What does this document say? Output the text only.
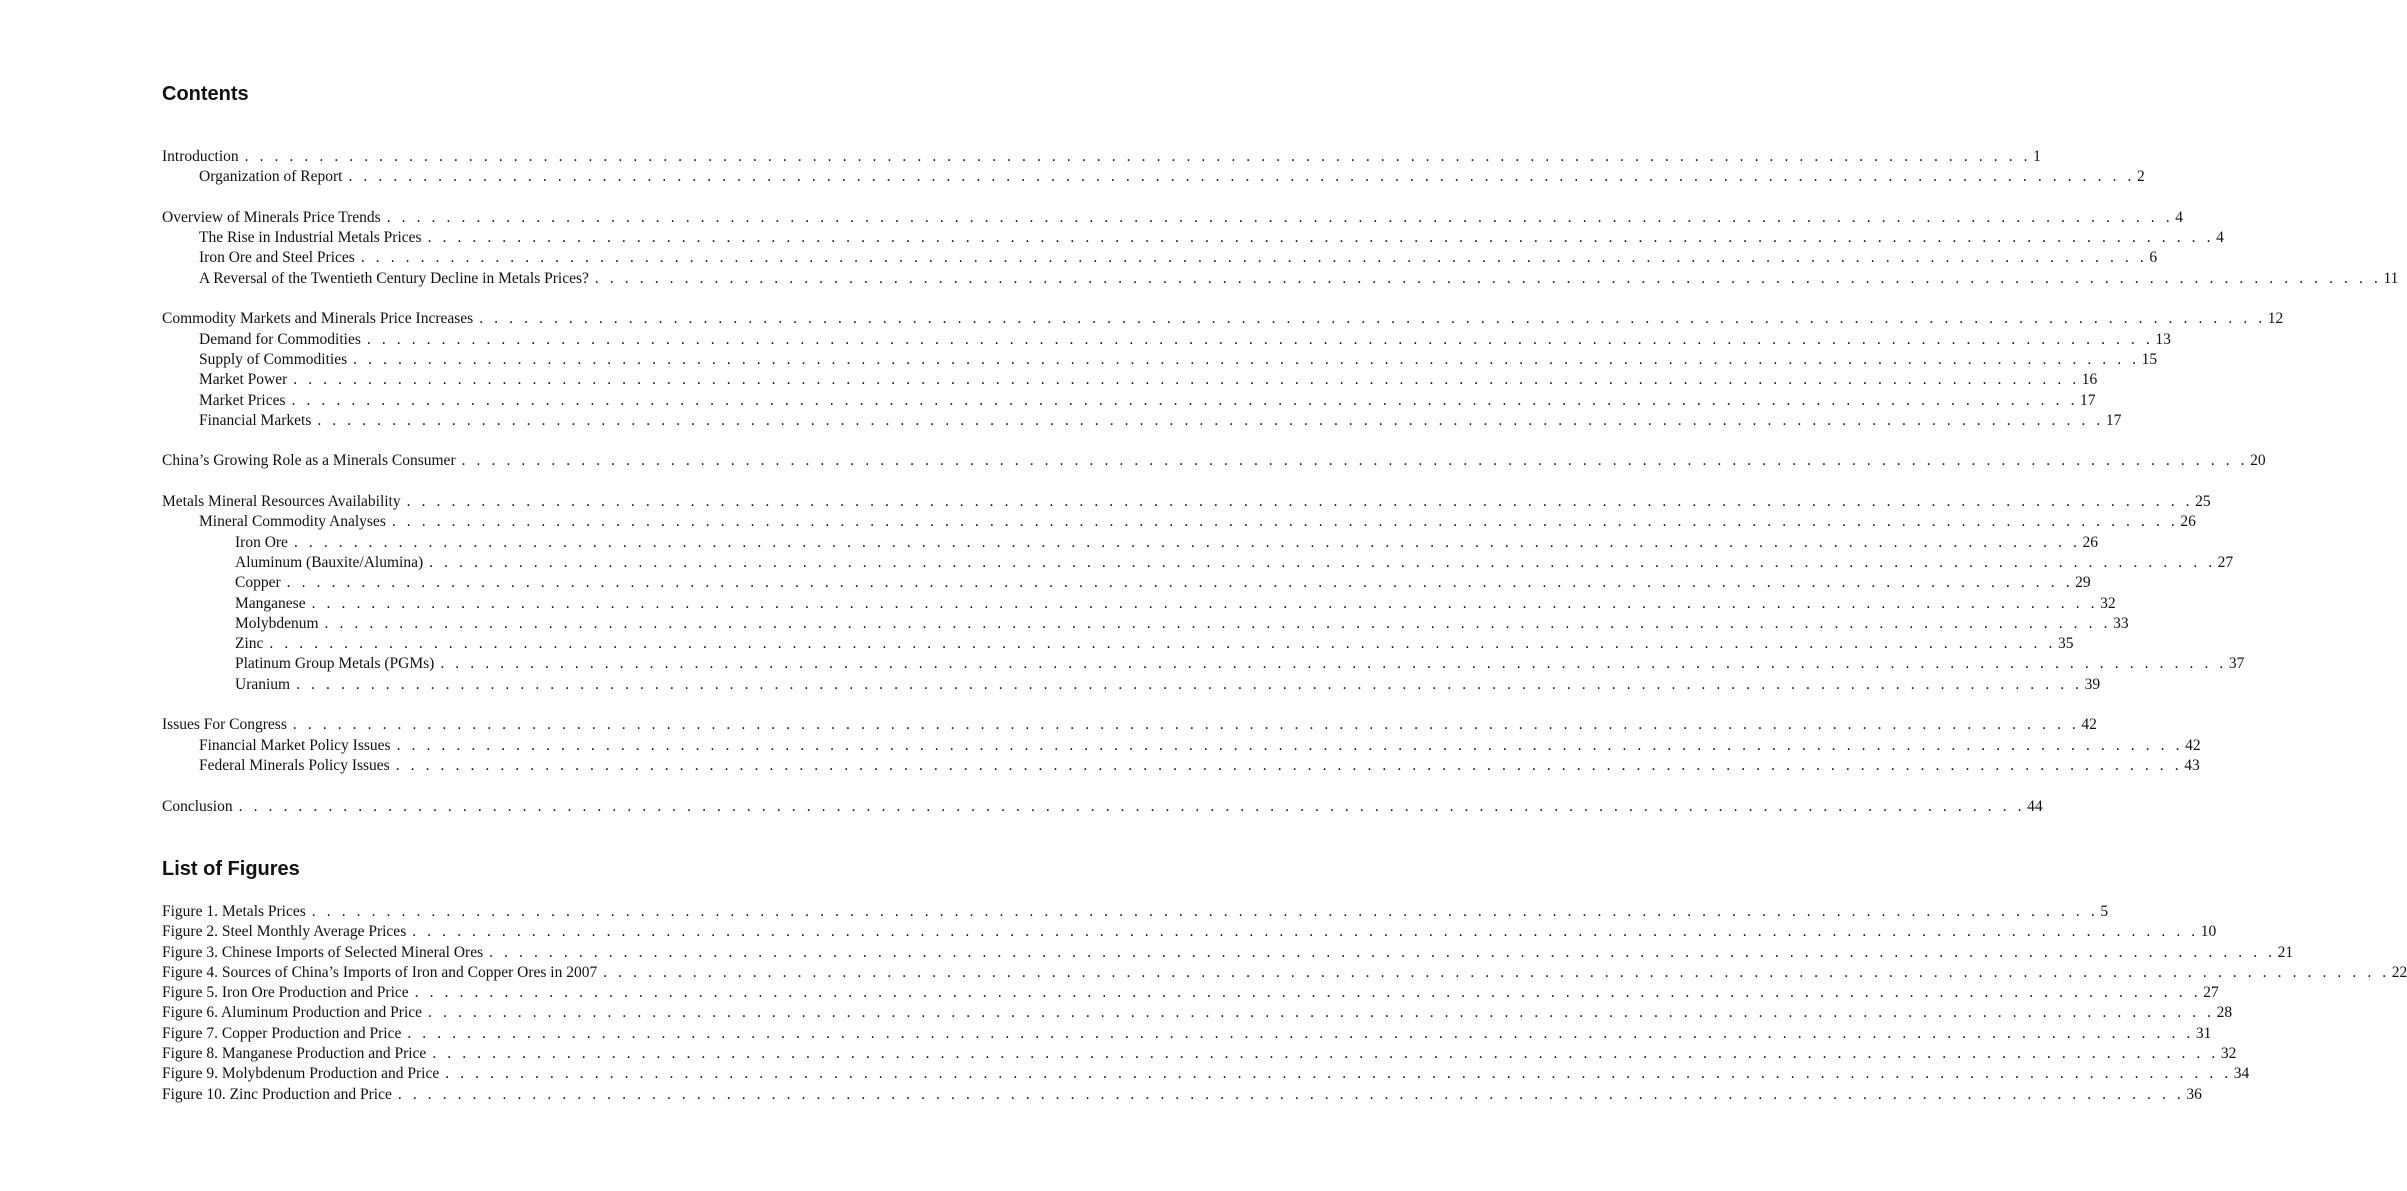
Contents
Introduction . . . . . . . . . . . . . . . . . . . . . . . . . . . . . . . . . . . . . . . . . . . . . . . . . . . . . . . . . . . . . . . . . . . . . . . . . . . . . . . . . . . . . . . . . . . . . . . . . . . . . . . . . . . . . . . . . . . . . . . . 1
Organization of Report . . . . . . . . . . . . . . . . . . . . . . . . . . . . . . . . . . . . . . . . . . . . . . . . . . . . . . . . . . . . . . . . . . . . . . . . . . . . . . . . . . . . . . . . . . . . . . . . . . . . . . . . . . . . . . . . . . . . . . . . 2
Overview of Minerals Price Trends . . . . . . . . . . . . . . . . . . . . . . . . . . . . . . . . . . . . . . . . . . . . . . . . . . . . . . . . . . . . . . . . . . . . . . . . . . . . . . . . . . . . . . . . . . . . . . . . . . . . . . . . . . . . . . . . . . . . . . . . 4
The Rise in Industrial Metals Prices . . . . . . . . . . . . . . . . . . . . . . . . . . . . . . . . . . . . . . . . . . . . . . . . . . . . . . . . . . . . . . . . . . . . . . . . . . . . . . . . . . . . . . . . . . . . . . . . . . . . . . . . . . . . . . . . . . . . . . . . 4
Iron Ore and Steel Prices . . . . . . . . . . . . . . . . . . . . . . . . . . . . . . . . . . . . . . . . . . . . . . . . . . . . . . . . . . . . . . . . . . . . . . . . . . . . . . . . . . . . . . . . . . . . . . . . . . . . . . . . . . . . . . . . . . . . . . . . 6
A Reversal of the Twentieth Century Decline in Metals Prices? . . . . . . . . . . . . . . . . . . . . . . . . . . . . . . . . . . . . . . . . . . . . . . . . . . . . . . . . . . . . . . . . . . . . . . . . . . . . . . . . . . . . . . . . . . . . . . . . . . . . . . . . . . . . . . . . . . . . . . . . 11
Commodity Markets and Minerals Price Increases . . . . . . . . . . . . . . . . . . . . . . . . . . . . . . . . . . . . . . . . . . . . . . . . . . . . . . . . . . . . . . . . . . . . . . . . . . . . . . . . . . . . . . . . . . . . . . . . . . . . . . . . . . . . . . . . . . . . . . . . 12
Demand for Commodities . . . . . . . . . . . . . . . . . . . . . . . . . . . . . . . . . . . . . . . . . . . . . . . . . . . . . . . . . . . . . . . . . . . . . . . . . . . . . . . . . . . . . . . . . . . . . . . . . . . . . . . . . . . . . . . . . . . . . . . . 13
Supply of Commodities . . . . . . . . . . . . . . . . . . . . . . . . . . . . . . . . . . . . . . . . . . . . . . . . . . . . . . . . . . . . . . . . . . . . . . . . . . . . . . . . . . . . . . . . . . . . . . . . . . . . . . . . . . . . . . . . . . . . . . . . 15
Market Power . . . . . . . . . . . . . . . . . . . . . . . . . . . . . . . . . . . . . . . . . . . . . . . . . . . . . . . . . . . . . . . . . . . . . . . . . . . . . . . . . . . . . . . . . . . . . . . . . . . . . . . . . . . . . . . . . . . . . . . . 16
Market Prices . . . . . . . . . . . . . . . . . . . . . . . . . . . . . . . . . . . . . . . . . . . . . . . . . . . . . . . . . . . . . . . . . . . . . . . . . . . . . . . . . . . . . . . . . . . . . . . . . . . . . . . . . . . . . . . . . . . . . . . . 17
Financial Markets . . . . . . . . . . . . . . . . . . . . . . . . . . . . . . . . . . . . . . . . . . . . . . . . . . . . . . . . . . . . . . . . . . . . . . . . . . . . . . . . . . . . . . . . . . . . . . . . . . . . . . . . . . . . . . . . . . . . . . . . 17
China’s Growing Role as a Minerals Consumer . . . . . . . . . . . . . . . . . . . . . . . . . . . . . . . . . . . . . . . . . . . . . . . . . . . . . . . . . . . . . . . . . . . . . . . . . . . . . . . . . . . . . . . . . . . . . . . . . . . . . . . . . . . . . . . . . . . . . . . . 20
Metals Mineral Resources Availability . . . . . . . . . . . . . . . . . . . . . . . . . . . . . . . . . . . . . . . . . . . . . . . . . . . . . . . . . . . . . . . . . . . . . . . . . . . . . . . . . . . . . . . . . . . . . . . . . . . . . . . . . . . . . . . . . . . . . . . . 25
Mineral Commodity Analyses . . . . . . . . . . . . . . . . . . . . . . . . . . . . . . . . . . . . . . . . . . . . . . . . . . . . . . . . . . . . . . . . . . . . . . . . . . . . . . . . . . . . . . . . . . . . . . . . . . . . . . . . . . . . . . . . . . . . . . . . 26
Iron Ore . . . . . . . . . . . . . . . . . . . . . . . . . . . . . . . . . . . . . . . . . . . . . . . . . . . . . . . . . . . . . . . . . . . . . . . . . . . . . . . . . . . . . . . . . . . . . . . . . . . . . . . . . . . . . . . . . . . . . . . . 26
Aluminum (Bauxite/Alumina) . . . . . . . . . . . . . . . . . . . . . . . . . . . . . . . . . . . . . . . . . . . . . . . . . . . . . . . . . . . . . . . . . . . . . . . . . . . . . . . . . . . . . . . . . . . . . . . . . . . . . . . . . . . . . . . . . . . . . . . . 27
Copper . . . . . . . . . . . . . . . . . . . . . . . . . . . . . . . . . . . . . . . . . . . . . . . . . . . . . . . . . . . . . . . . . . . . . . . . . . . . . . . . . . . . . . . . . . . . . . . . . . . . . . . . . . . . . . . . . . . . . . . . 29
Manganese . . . . . . . . . . . . . . . . . . . . . . . . . . . . . . . . . . . . . . . . . . . . . . . . . . . . . . . . . . . . . . . . . . . . . . . . . . . . . . . . . . . . . . . . . . . . . . . . . . . . . . . . . . . . . . . . . . . . . . . . 32
Molybdenum . . . . . . . . . . . . . . . . . . . . . . . . . . . . . . . . . . . . . . . . . . . . . . . . . . . . . . . . . . . . . . . . . . . . . . . . . . . . . . . . . . . . . . . . . . . . . . . . . . . . . . . . . . . . . . . . . . . . . . . . 33
Zinc . . . . . . . . . . . . . . . . . . . . . . . . . . . . . . . . . . . . . . . . . . . . . . . . . . . . . . . . . . . . . . . . . . . . . . . . . . . . . . . . . . . . . . . . . . . . . . . . . . . . . . . . . . . . . . . . . . . . . . . . 35
Platinum Group Metals (PGMs) . . . . . . . . . . . . . . . . . . . . . . . . . . . . . . . . . . . . . . . . . . . . . . . . . . . . . . . . . . . . . . . . . . . . . . . . . . . . . . . . . . . . . . . . . . . . . . . . . . . . . . . . . . . . . . . . . . . . . . . . 37
Uranium . . . . . . . . . . . . . . . . . . . . . . . . . . . . . . . . . . . . . . . . . . . . . . . . . . . . . . . . . . . . . . . . . . . . . . . . . . . . . . . . . . . . . . . . . . . . . . . . . . . . . . . . . . . . . . . . . . . . . . . . 39
Issues For Congress . . . . . . . . . . . . . . . . . . . . . . . . . . . . . . . . . . . . . . . . . . . . . . . . . . . . . . . . . . . . . . . . . . . . . . . . . . . . . . . . . . . . . . . . . . . . . . . . . . . . . . . . . . . . . . . . . . . . . . . . 42
Financial Market Policy Issues . . . . . . . . . . . . . . . . . . . . . . . . . . . . . . . . . . . . . . . . . . . . . . . . . . . . . . . . . . . . . . . . . . . . . . . . . . . . . . . . . . . . . . . . . . . . . . . . . . . . . . . . . . . . . . . . . . . . . . . . 42
Federal Minerals Policy Issues . . . . . . . . . . . . . . . . . . . . . . . . . . . . . . . . . . . . . . . . . . . . . . . . . . . . . . . . . . . . . . . . . . . . . . . . . . . . . . . . . . . . . . . . . . . . . . . . . . . . . . . . . . . . . . . . . . . . . . . . 43
Conclusion . . . . . . . . . . . . . . . . . . . . . . . . . . . . . . . . . . . . . . . . . . . . . . . . . . . . . . . . . . . . . . . . . . . . . . . . . . . . . . . . . . . . . . . . . . . . . . . . . . . . . . . . . . . . . . . . . . . . . . . . 44
List of Figures
Figure 1. Metals Prices . . . . . . . . . . . . . . . . . . . . . . . . . . . . . . . . . . . . . . . . . . . . . . . . . . . . . . . . . . . . . . . . . . . . . . . . . . . . . . . . . . . . . . . . . . . . . . . . . . . . . . . . . . . . . . . . . . . . . . . . 5
Figure 2. Steel Monthly Average Prices . . . . . . . . . . . . . . . . . . . . . . . . . . . . . . . . . . . . . . . . . . . . . . . . . . . . . . . . . . . . . . . . . . . . . . . . . . . . . . . . . . . . . . . . . . . . . . . . . . . . . . . . . . . . . . . . . . . . . . . . 10
Figure 3. Chinese Imports of Selected Mineral Ores . . . . . . . . . . . . . . . . . . . . . . . . . . . . . . . . . . . . . . . . . . . . . . . . . . . . . . . . . . . . . . . . . . . . . . . . . . . . . . . . . . . . . . . . . . . . . . . . . . . . . . . . . . . . . . . . . . . . . . . . 21
Figure 4. Sources of China’s Imports of Iron and Copper Ores in 2007 . . . . . . . . . . . . . . . . . . . . . . . . . . . . . . . . . . . . . . . . . . . . . . . . . . . . . . . . . . . . . . . . . . . . . . . . . . . . . . . . . . . . . . . . . . . . . . . . . . . . . . . . . . . . . . . . . . . . . . . . 22
Figure 5. Iron Ore Production and Price . . . . . . . . . . . . . . . . . . . . . . . . . . . . . . . . . . . . . . . . . . . . . . . . . . . . . . . . . . . . . . . . . . . . . . . . . . . . . . . . . . . . . . . . . . . . . . . . . . . . . . . . . . . . . . . . . . . . . . . . 27
Figure 6. Aluminum Production and Price . . . . . . . . . . . . . . . . . . . . . . . . . . . . . . . . . . . . . . . . . . . . . . . . . . . . . . . . . . . . . . . . . . . . . . . . . . . . . . . . . . . . . . . . . . . . . . . . . . . . . . . . . . . . . . . . . . . . . . . . 28
Figure 7. Copper Production and Price . . . . . . . . . . . . . . . . . . . . . . . . . . . . . . . . . . . . . . . . . . . . . . . . . . . . . . . . . . . . . . . . . . . . . . . . . . . . . . . . . . . . . . . . . . . . . . . . . . . . . . . . . . . . . . . . . . . . . . . . 31
Figure 8. Manganese Production and Price . . . . . . . . . . . . . . . . . . . . . . . . . . . . . . . . . . . . . . . . . . . . . . . . . . . . . . . . . . . . . . . . . . . . . . . . . . . . . . . . . . . . . . . . . . . . . . . . . . . . . . . . . . . . . . . . . . . . . . . . 32
Figure 9. Molybdenum Production and Price . . . . . . . . . . . . . . . . . . . . . . . . . . . . . . . . . . . . . . . . . . . . . . . . . . . . . . . . . . . . . . . . . . . . . . . . . . . . . . . . . . . . . . . . . . . . . . . . . . . . . . . . . . . . . . . . . . . . . . . . 34
Figure 10. Zinc Production and Price . . . . . . . . . . . . . . . . . . . . . . . . . . . . . . . . . . . . . . . . . . . . . . . . . . . . . . . . . . . . . . . . . . . . . . . . . . . . . . . . . . . . . . . . . . . . . . . . . . . . . . . . . . . . . . . . . . . . . . . . 36
